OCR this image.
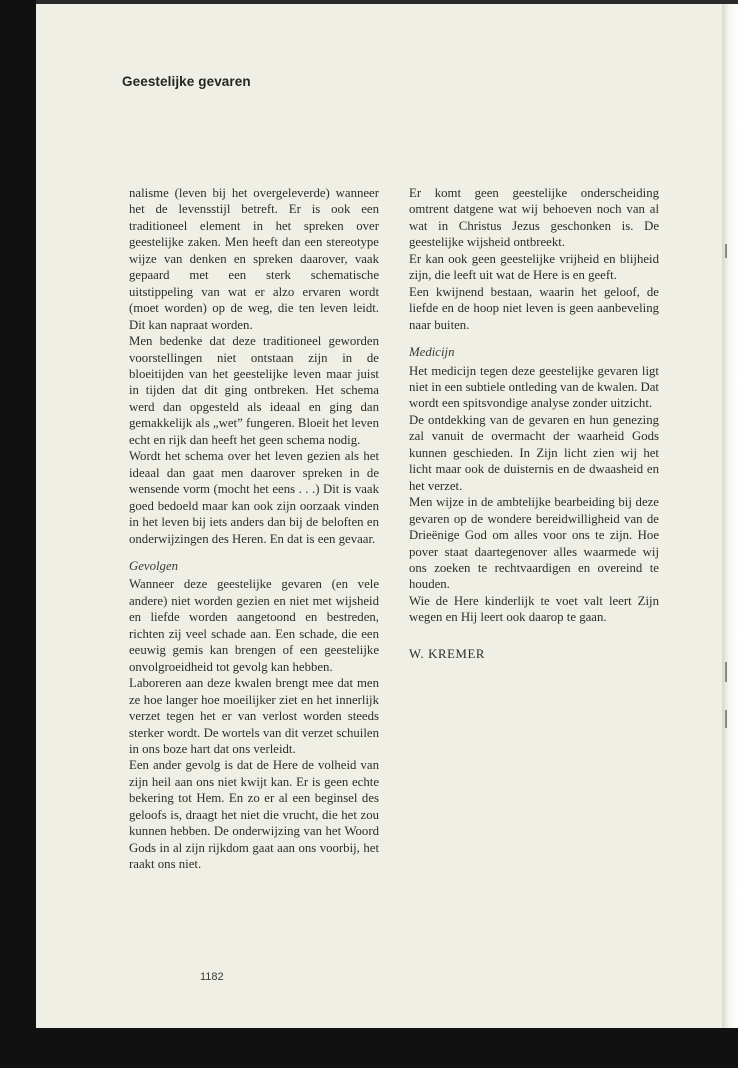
Geestelijke gevaren

nalisme (leven bij het overgeleverde) wanneer het de levensstijl betreft. Er is ook een traditioneel element in het spreken over geestelijke zaken. Men heeft dan een stereotype wijze van denken en spreken daarover, vaak gepaard met een sterk schematische uitstippeling van wat er alzo ervaren wordt (moet worden) op de weg, die ten leven leidt. Dit kan napraat worden.

Men bedenke dat deze traditioneel geworden voorstellingen niet ontstaan zijn in de bloeitijden van het geestelijke leven maar juist in tijden dat dit ging ontbreken. Het schema werd dan opgesteld als ideaal en ging dan gemakkelijk als „wet” fungeren. Bloeit het leven echt en rijk dan heeft het geen schema nodig.

Wordt het schema over het leven gezien als het ideaal dan gaat men daarover spreken in de wensende vorm (mocht het eens . . .) Dit is vaak goed bedoeld maar kan ook zijn oorzaak vinden in het leven bij iets anders dan bij de beloften en onderwijzingen des Heren. En dat is een gevaar.

Gevolgen

Wanneer deze geestelijke gevaren (en vele andere) niet worden gezien en niet met wijsheid en liefde worden aangetoond en bestreden, richten zij veel schade aan. Een schade, die een eeuwig gemis kan brengen of een geestelijke onvolgroeidheid tot gevolg kan hebben.

Laboreren aan deze kwalen brengt mee dat men ze hoe langer hoe moeilijker ziet en het innerlijk verzet tegen het er van verlost worden steeds sterker wordt. De wortels van dit verzet schuilen in ons boze hart dat ons verleidt.

Een ander gevolg is dat de Here de volheid van zijn heil aan ons niet kwijt kan. Er is geen echte bekering tot Hem. En zo er al een beginsel des geloofs is, draagt het niet die vrucht, die het zou kunnen hebben. De onderwijzing van het Woord Gods in al zijn rijkdom gaat aan ons voorbij, het raakt ons niet.

Er komt geen geestelijke onderscheiding omtrent datgene wat wij behoeven noch van al wat in Christus Jezus geschonken is. De geestelijke wijsheid ontbreekt.

Er kan ook geen geestelijke vrijheid en blijheid zijn, die leeft uit wat de Here is en geeft.

Een kwijnend bestaan, waarin het geloof, de liefde en de hoop niet leven is geen aanbeveling naar buiten.

Medicijn

Het medicijn tegen deze geestelijke gevaren ligt niet in een subtiele ontleding van de kwalen. Dat wordt een spitsvondige analyse zonder uitzicht.

De ontdekking van de gevaren en hun genezing zal vanuit de overmacht der waarheid Gods kunnen geschieden. In Zijn licht zien wij het licht maar ook de duisternis en de dwaasheid en het verzet.

Men wijze in de ambtelijke bearbeiding bij deze gevaren op de wondere bereidwilligheid van de Drieënige God om alles voor ons te zijn. Hoe pover staat daartegenover alles waarmede wij ons zoeken te rechtvaardigen en overeind te houden.

Wie de Here kinderlijk te voet valt leert Zijn wegen en Hij leert ook daarop te gaan.

W. KREMER

1182
